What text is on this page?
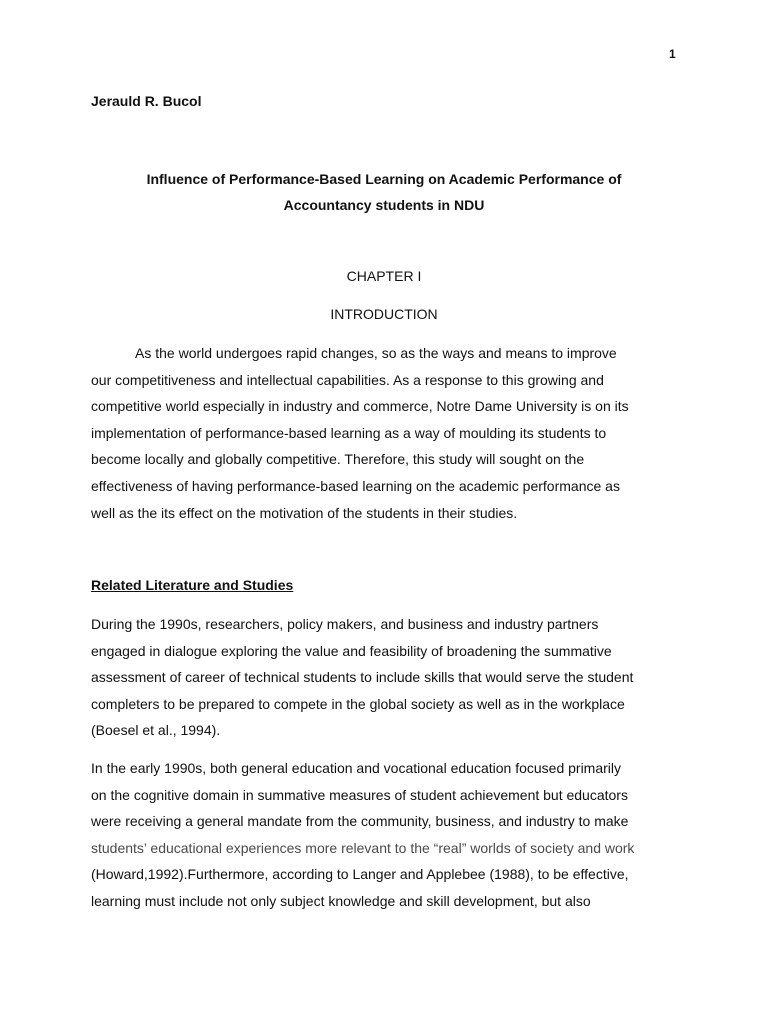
1
Jerauld R. Bucol
Influence of Performance-Based Learning on Academic Performance of
Accountancy students in NDU
CHAPTER I
INTRODUCTION
As the world undergoes rapid changes, so as the ways and means to improve
our competitiveness and intellectual capabilities. As a response to this growing and
competitive world especially in industry and commerce, Notre Dame University is on its
implementation of performance-based learning as a way of moulding its students to
become locally and globally competitive. Therefore, this study will sought on the
effectiveness of having performance-based learning on the academic performance as
well as the its effect on the motivation of the students in their studies.
Related Literature and Studies
During the 1990s, researchers, policy makers, and business and industry partners
engaged in dialogue exploring the value and feasibility of broadening the summative
assessment of career of technical students to include skills that would serve the student
completers to be prepared to compete in the global society as well as in the workplace
(Boesel et al., 1994).
In the early 1990s, both general education and vocational education focused primarily
on the cognitive domain in summative measures of student achievement but educators
were receiving a general mandate from the community, business, and industry to make
students’ educational experiences more relevant to the “real” worlds of society and work
(Howard,1992).Furthermore, according to Langer and Applebee (1988), to be effective,
learning must include not only subject knowledge and skill development, but also
